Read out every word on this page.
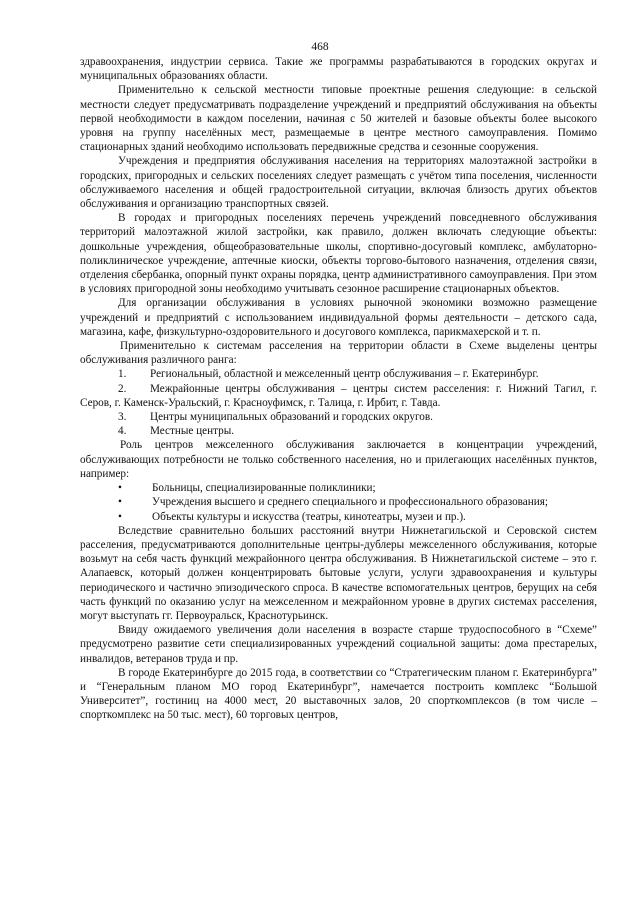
468

здравоохранения, индустрии сервиса. Такие же программы разрабатываются в городских округах и муниципальных образованиях области.

Применительно к сельской местности типовые проектные решения следующие: в сельской местности следует предусматривать подразделение учреждений и предприятий обслуживания на объекты первой необходимости в каждом поселении, начиная с 50 жителей и базовые объекты более высокого уровня на группу населённых мест, размещаемые в центре местного самоуправления. Помимо стационарных зданий необходимо использовать передвижные средства и сезонные сооружения.

Учреждения и предприятия обслуживания населения на территориях малоэтажной застройки в городских, пригородных и сельских поселениях следует размещать с учётом типа поселения, численности обслуживаемого населения и общей градостроительной ситуации, включая близость других объектов обслуживания и организацию транспортных связей.

В городах и пригородных поселениях перечень учреждений повседневного обслуживания территорий малоэтажной жилой застройки, как правило, должен включать следующие объекты: дошкольные учреждения, общеобразовательные школы, спортивно-досуговый комплекс, амбулаторно-поликлиническое учреждение, аптечные киоски, объекты торгово-бытового назначения, отделения связи, отделения сбербанка, опорный пункт охраны порядка, центр административного самоуправления. При этом в условиях пригородной зоны необходимо учитывать сезонное расширение стационарных объектов.

Для организации обслуживания в условиях рыночной экономики возможно размещение учреждений и предприятий с использованием индивидуальной формы деятельности – детского сада, магазина, кафе, физкультурно-оздоровительного и досугового комплекса, парикмахерской и т. п.

Применительно к системам расселения на территории области в Схеме выделены центры обслуживания различного ранга:

1. Региональный, областной и межселенный центр обслуживания – г. Екатеринбург.

2. Межрайонные центры обслуживания – центры систем расселения: г. Нижний Тагил, г. Серов, г. Каменск-Уральский, г. Красноуфимск, г. Талица, г. Ирбит, г. Тавда.

3. Центры муниципальных образований и городских округов.

4. Местные центры.

Роль центров межселенного обслуживания заключается в концентрации учреждений, обслуживающих потребности не только собственного населения, но и прилегающих населённых пунктов, например:

•	Больницы, специализированные поликлиники;

•	Учреждения высшего и среднего специального и профессионального образования;

•	Объекты культуры и искусства (театры, кинотеатры, музеи и пр.).

Вследствие сравнительно больших расстояний внутри Нижнетагильской и Серовской систем расселения, предусматриваются дополнительные центры-дублеры межселенного обслуживания, которые возьмут на себя часть функций межрайонного центра обслуживания. В Нижнетагильской системе – это г. Алапаевск, который должен концентрировать бытовые услуги, услуги здравоохранения и культуры периодического и частично эпизодического спроса. В качестве вспомогательных центров, берущих на себя часть функций по оказанию услуг на межселенном и межрайонном уровне в других системах расселения, могут выступать гг. Первоуральск, Краснотурьинск.

Ввиду ожидаемого увеличения доли населения в возрасте старше трудоспособного в “Схеме” предусмотрено развитие сети специализированных учреждений социальной защиты: дома престарелых, инвалидов, ветеранов труда и пр.

В городе Екатеринбурге до 2015 года, в соответствии со “Стратегическим планом г. Екатеринбурга” и “Генеральным планом МО город Екатеринбург”, намечается построить комплекс “Большой Университет”, гостиниц на 4000 мест, 20 выставочных залов, 20 спорткомплексов (в том числе – спорткомплекс на 50 тыс. мест), 60 торговых центров,
